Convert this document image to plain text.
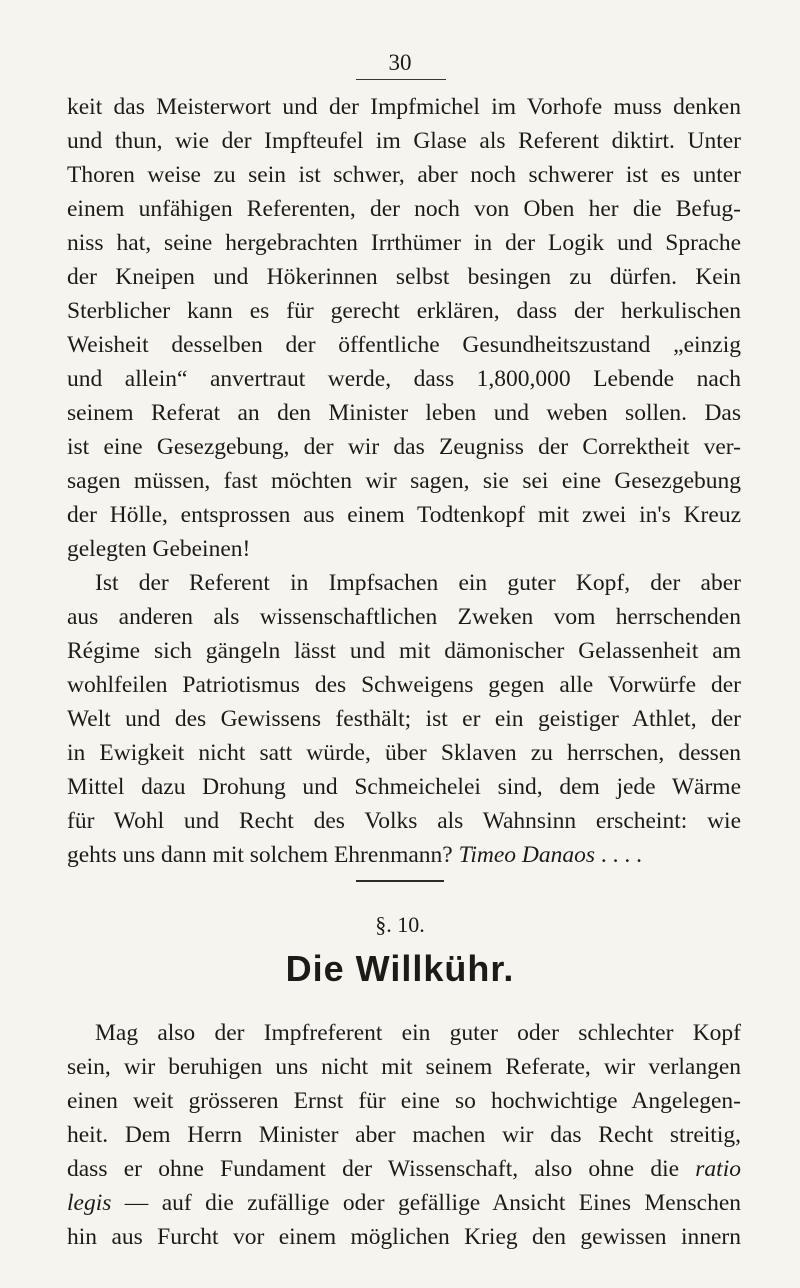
30
keit das Meisterwort und der Impfmichel im Vorhofe muss denken
und thun, wie der Impfteufel im Glase als Referent diktirt. Unter
Thoren weise zu sein ist schwer, aber noch schwerer ist es unter
einem unfähigen Referenten, der noch von Oben her die Befug-
niss hat, seine hergebrachten Irrthümer in der Logik und Sprache
der Kneipen und Hökerinnen selbst besingen zu dürfen. Kein
Sterblicher kann es für gerecht erklären, dass der herkulischen
Weisheit desselben der öffentliche Gesundheitszustand „einzig
und allein“ anvertraut werde, dass 1,800,000 Lebende nach
seinem Referat an den Minister leben und weben sollen. Das
ist eine Gesezgebung, der wir das Zeugniss der Correktheit ver-
sagen müssen, fast möchten wir sagen, sie sei eine Gesezgebung
der Hölle, entsprossen aus einem Todtenkopf mit zwei in's Kreuz
gelegten Gebeinen!
Ist der Referent in Impfsachen ein guter Kopf, der aber
aus anderen als wissenschaftlichen Zweken vom herrschenden
Régime sich gängeln lässt und mit dämonischer Gelassenheit am
wohlfeilen Patriotismus des Schweigens gegen alle Vorwürfe der
Welt und des Gewissens festhält; ist er ein geistiger Athlet, der
in Ewigkeit nicht satt würde, über Sklaven zu herrschen, dessen
Mittel dazu Drohung und Schmeichelei sind, dem jede Wärme
für Wohl und Recht des Volks als Wahnsinn erscheint: wie
gehts uns dann mit solchem Ehrenmann? Timeo Danaos . . . .
§. 10.
Die Willkühr.
Mag also der Impfreferent ein guter oder schlechter Kopf
sein, wir beruhigen uns nicht mit seinem Referate, wir verlangen
einen weit grösseren Ernst für eine so hochwichtige Angelegen-
heit. Dem Herrn Minister aber machen wir das Recht streitig,
dass er ohne Fundament der Wissenschaft, also ohne die ratio
legis — auf die zufällige oder gefällige Ansicht Eines Menschen
hin aus Furcht vor einem möglichen Krieg den gewissen innern
